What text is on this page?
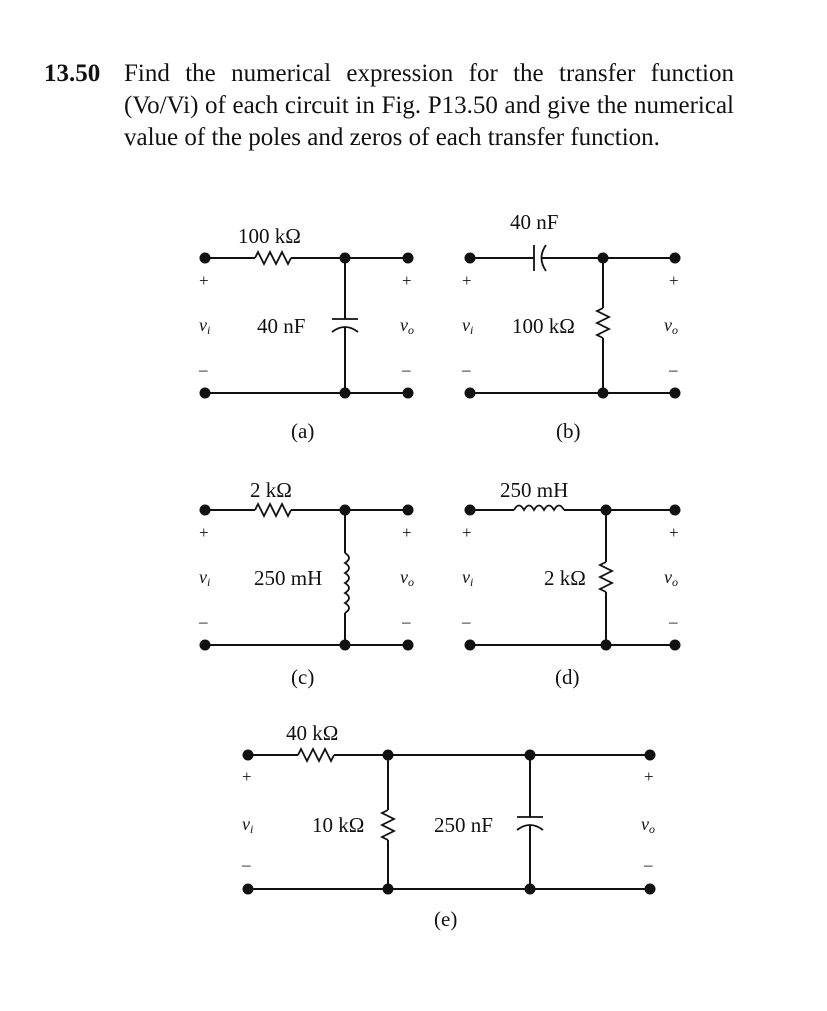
13.50 Find the numerical expression for the transfer function (Vo/Vi) of each circuit in Fig. P13.50 and give the numerical value of the poles and zeros of each transfer function.
100 kΩ
40 nF
+
–
vi
+
–
vo
(a)
40 nF
100 kΩ
+
–
vi
+
–
vo
(b)
2 kΩ
250 mH
+
–
vi
+
–
vo
(c)
250 mH
2 kΩ
+
–
vi
+
–
vo
(d)
40 kΩ
10 kΩ	250 nF
+
–
vi
+
–
vo
(e)
